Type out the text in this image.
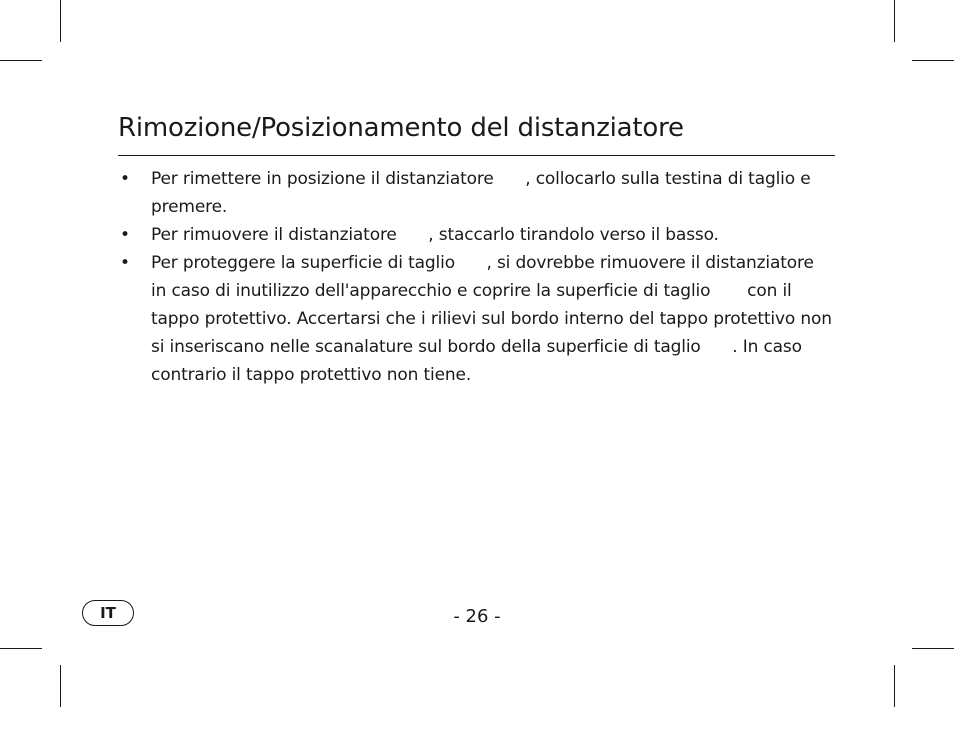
Rimozione/Posizionamento del distanziatore
• Per rimettere in posizione il distanziatore      , collocarlo sulla testina di taglio e premere.
• Per rimuovere il distanziatore      , staccarlo tirandolo verso il basso.
• Per proteggere la superficie di taglio      , si dovrebbe rimuovere il distanziatore       in caso di inutilizzo dell'apparecchio e coprire la superficie di taglio       con il tappo protettivo. Accertarsi che i rilievi sul bordo interno del tappo protettivo non si inseriscano nelle scanalature sul bordo della superficie di taglio      . In caso contrario il tappo protettivo non tiene.
IT	- 26 -
